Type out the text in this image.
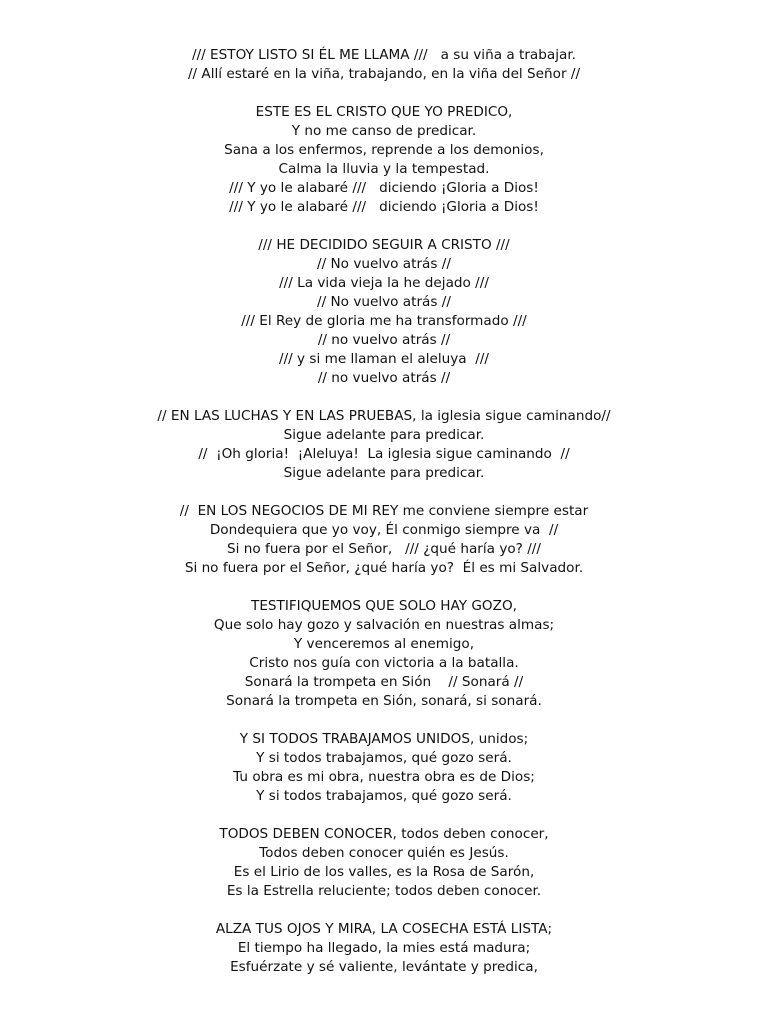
/// ESTOY LISTO SI ÉL ME LLAMA ///   a su viña a trabajar.
// Allí estaré en la viña, trabajando, en la viña del Señor //
ESTE ES EL CRISTO QUE YO PREDICO,
Y no me canso de predicar.
Sana a los enfermos, reprende a los demonios,
Calma la lluvia y la tempestad.
/// Y yo le alabaré ///   diciendo ¡Gloria a Dios!
/// Y yo le alabaré ///   diciendo ¡Gloria a Dios!
/// HE DECIDIDO SEGUIR A CRISTO ///
// No vuelvo atrás //
/// La vida vieja la he dejado ///
// No vuelvo atrás //
/// El Rey de gloria me ha transformado ///
// no vuelvo atrás //
/// y si me llaman el aleluya  ///
// no vuelvo atrás //
// EN LAS LUCHAS Y EN LAS PRUEBAS, la iglesia sigue caminando//
Sigue adelante para predicar.
//  ¡Oh gloria!  ¡Aleluya!  La iglesia sigue caminando  //
Sigue adelante para predicar.
//  EN LOS NEGOCIOS DE MI REY me conviene siempre estar
Dondequiera que yo voy, Él conmigo siempre va  //
Si no fuera por el Señor,   /// ¿qué haría yo? ///
Si no fuera por el Señor, ¿qué haría yo?  Él es mi Salvador.
TESTIFIQUEMOS QUE SOLO HAY GOZO,
Que solo hay gozo y salvación en nuestras almas;
Y venceremos al enemigo,
Cristo nos guía con victoria a la batalla.
Sonará la trompeta en Sión    // Sonará //
Sonará la trompeta en Sión, sonará, si sonará.
Y SI TODOS TRABAJAMOS UNIDOS, unidos;
Y si todos trabajamos, qué gozo será.
Tu obra es mi obra, nuestra obra es de Dios;
Y si todos trabajamos, qué gozo será.
TODOS DEBEN CONOCER, todos deben conocer,
Todos deben conocer quién es Jesús.
Es el Lirio de los valles, es la Rosa de Sarón,
Es la Estrella reluciente; todos deben conocer.
ALZA TUS OJOS Y MIRA, LA COSECHA ESTÁ LISTA;
El tiempo ha llegado, la mies está madura;
Esfuérzate y sé valiente, levántate y predica,
